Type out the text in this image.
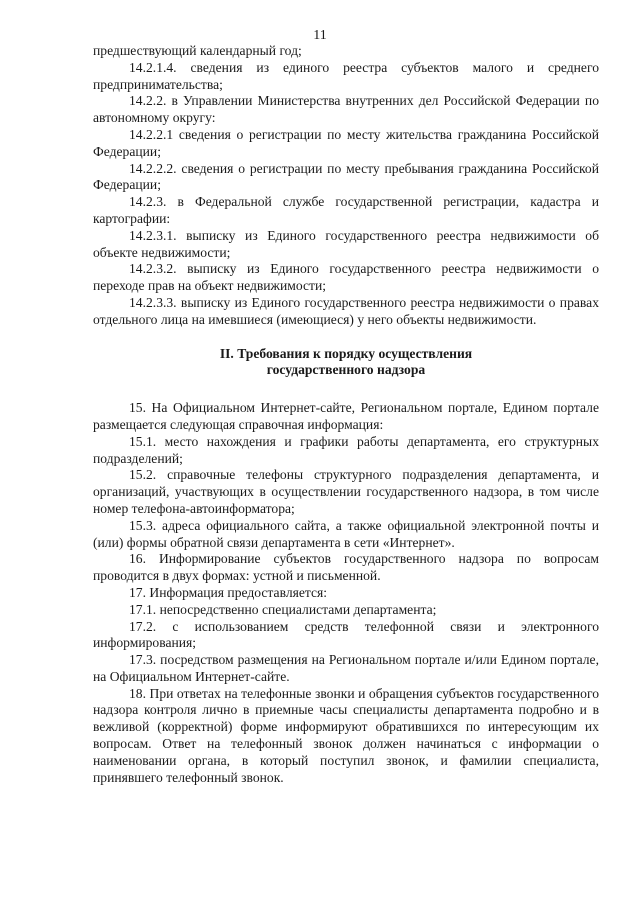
11

предшествующий календарный год;

14.2.1.4. сведения из единого реестра субъектов малого и среднего предпринимательства;

14.2.2. в Управлении Министерства внутренних дел Российской Федерации по автономному округу:

14.2.2.1 сведения о регистрации по месту жительства гражданина Российской Федерации;

14.2.2.2. сведения о регистрации по месту пребывания гражданина Российской Федерации;

14.2.3. в Федеральной службе государственной регистрации, кадастра и картографии:

14.2.3.1. выписку из Единого государственного реестра недвижимости об объекте недвижимости;

14.2.3.2. выписку из Единого государственного реестра недвижимости о переходе прав на объект недвижимости;

14.2.3.3. выписку из Единого государственного реестра недвижимости о правах отдельного лица на имевшиеся (имеющиеся) у него объекты недвижимости.

II. Требования к порядку осуществления
государственного надзора

15. На Официальном Интернет-сайте, Региональном портале, Едином портале размещается следующая справочная информация:

15.1. место нахождения и графики работы департамента, его структурных подразделений;

15.2. справочные телефоны структурного подразделения департамента, и организаций, участвующих в осуществлении государственного надзора, в том числе номер телефона-автоинформатора;

15.3. адреса официального сайта, а также официальной электронной почты и (или) формы обратной связи департамента в сети «Интернет».

16. Информирование субъектов государственного надзора по вопросам проводится в двух формах: устной и письменной.

17. Информация предоставляется:

17.1. непосредственно специалистами департамента;

17.2. с использованием средств телефонной связи и электронного информирования;

17.3. посредством размещения на Региональном портале и/или Едином портале, на Официальном Интернет-сайте.

18. При ответах на телефонные звонки и обращения субъектов государственного надзора контроля лично в приемные часы специалисты департамента подробно и в вежливой (корректной) форме информируют обратившихся по интересующим их вопросам. Ответ на телефонный звонок должен начинаться с информации о наименовании органа, в который поступил звонок, и фамилии специалиста, принявшего телефонный звонок.
